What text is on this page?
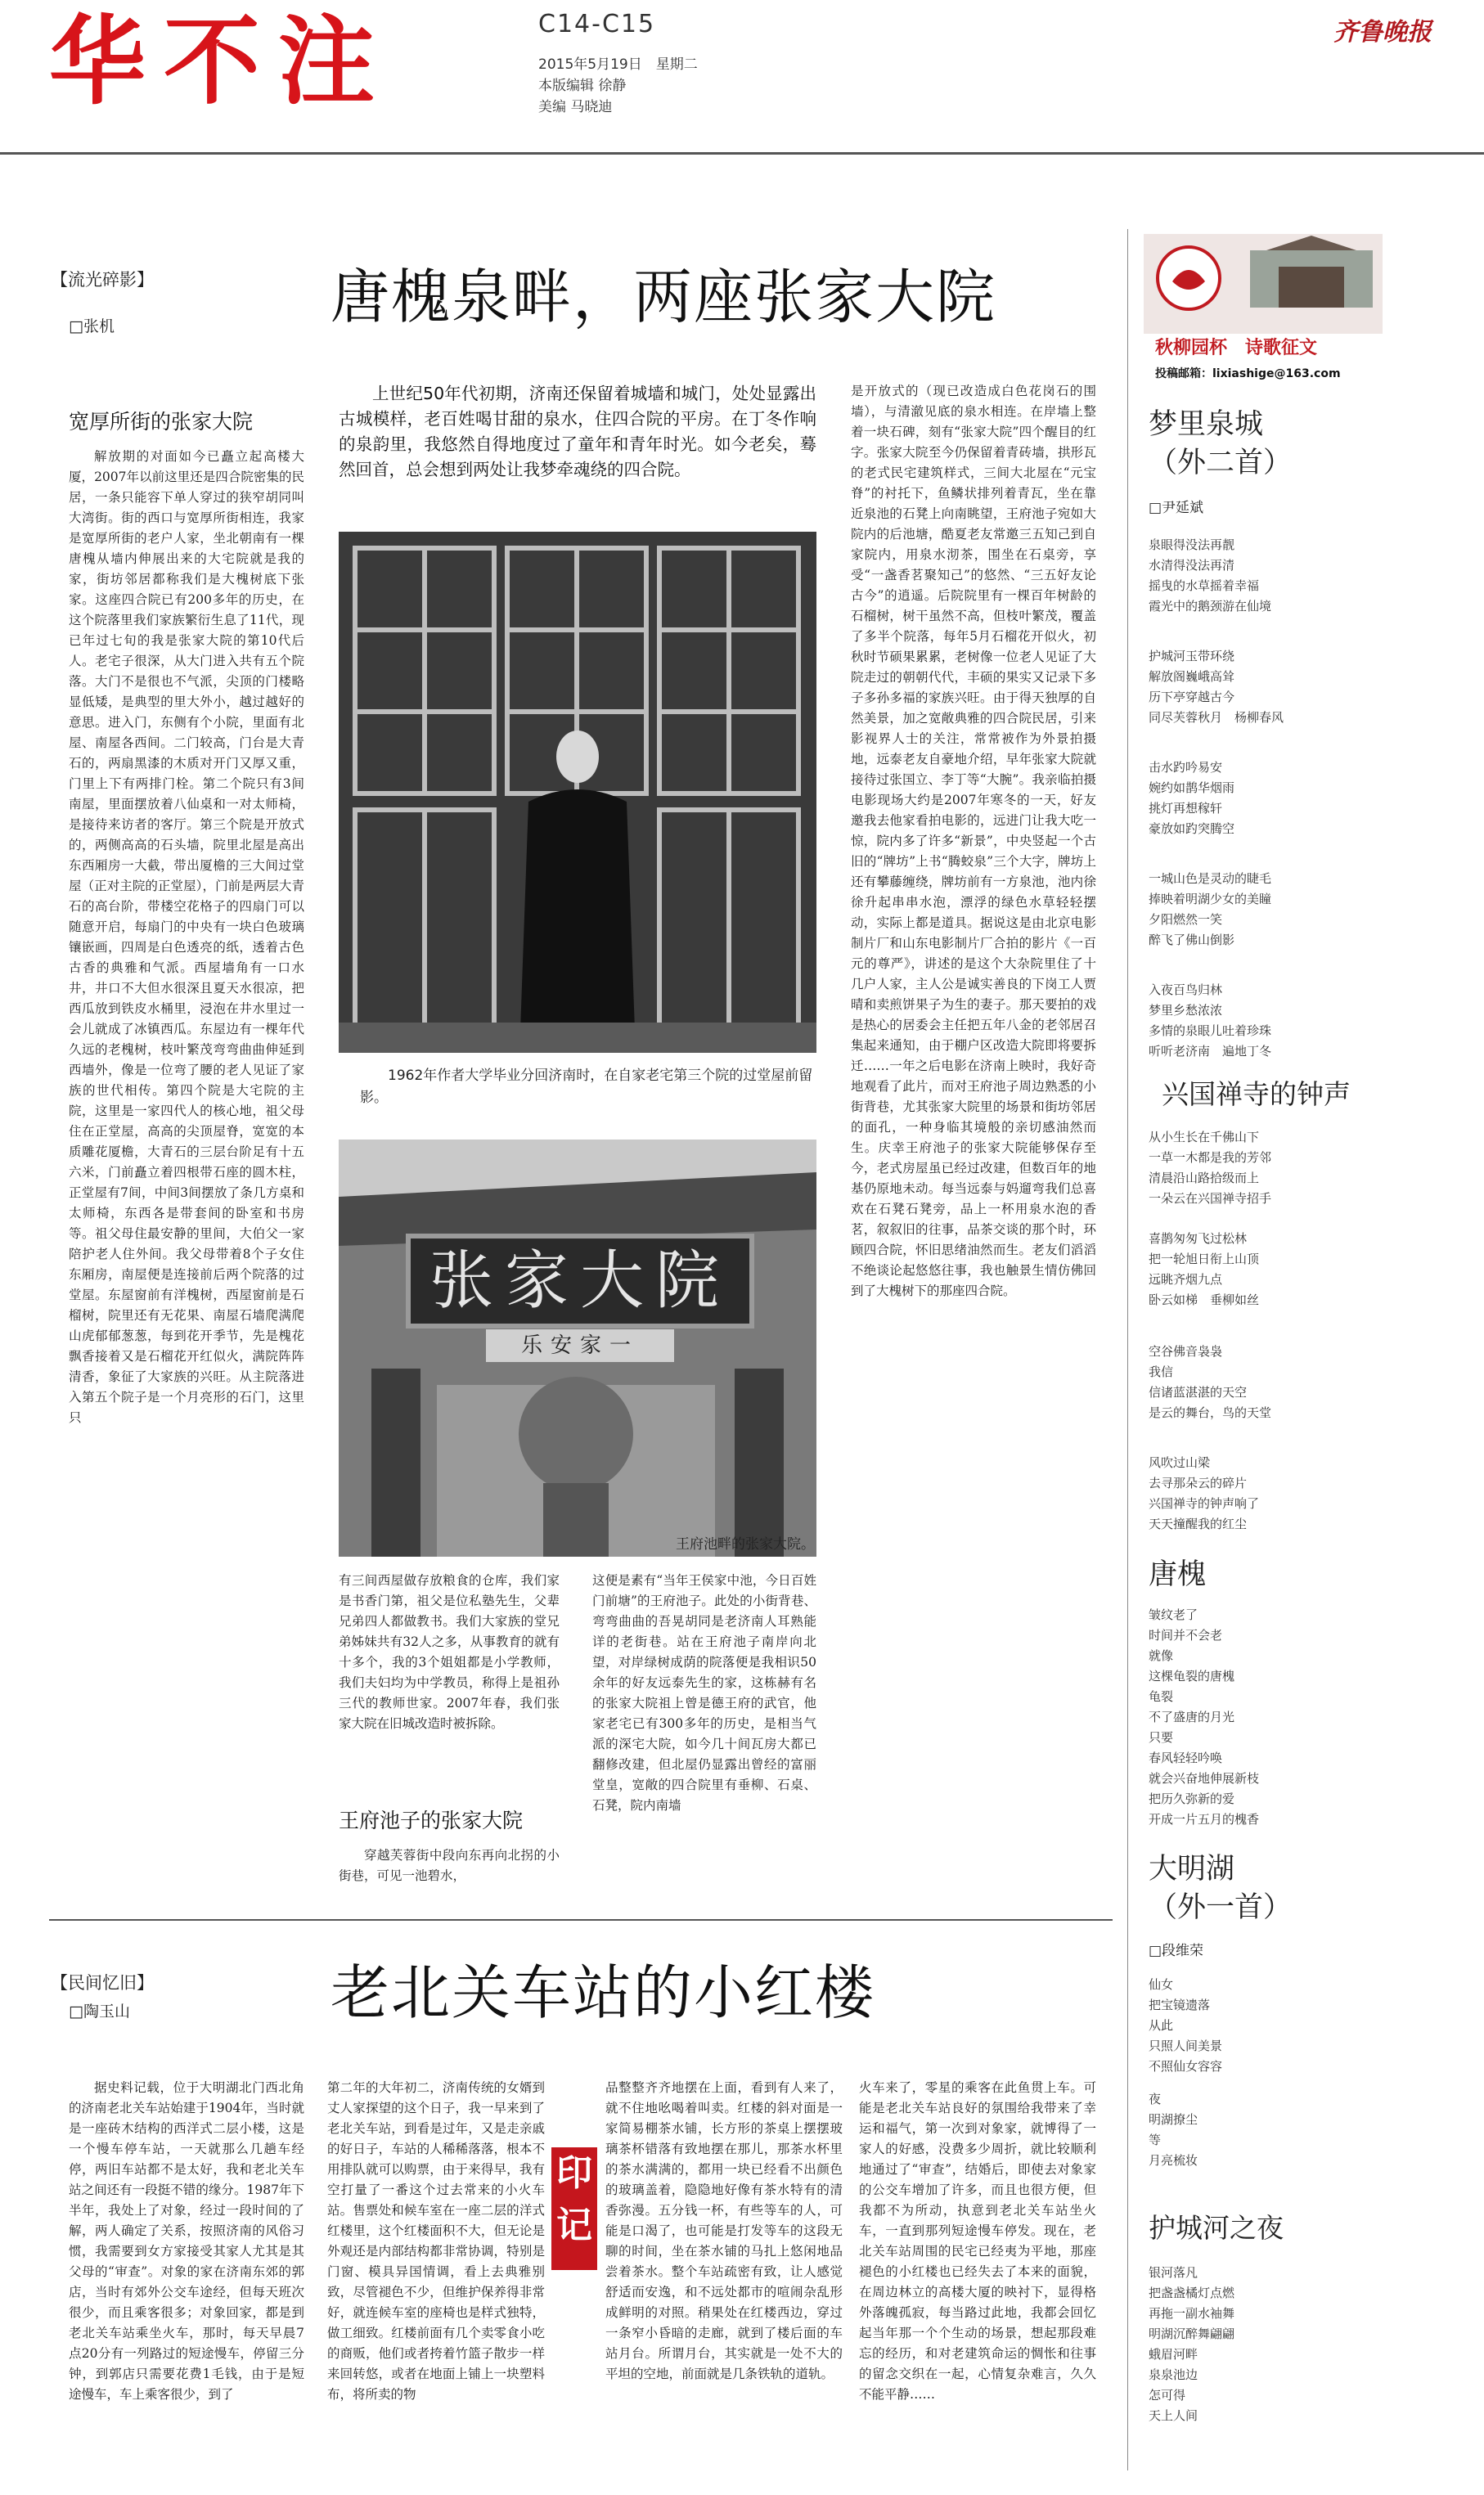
华不注	C14-C15
2015年5月19日　星期二
本版编辑 徐静
美编 马晓迪
齐鲁晚报
【流光碎影】
□张机	唐槐泉畔，两座张家大院
宽厚所街的张家大院

解放期的对面如今已矗立起高楼大厦，2007年以前这里还是四合院密集的民居，一条只能容下单人穿过的狭窄胡同叫大湾街。街的西口与宽厚所街相连，我家是宽厚所街的老户人家，坐北朝南有一棵唐槐从墙内伸展出来的大宅院就是我的家，街坊邻居都称我们是大槐树底下张家。这座四合院已有200多年的历史，在这个院落里我们家族繁衍生息了11代，现已年过七旬的我是张家大院的第10代后人。老宅子很深，从大门进入共有五个院落。大门不是很也不气派，尖顶的门楼略显低矮，是典型的里大外小，越过越好的意思。进入门，东侧有个小院，里面有北屋、南屋各西间。二门较高，门台是大青石的，两扇黑漆的木质对开门又厚又重，门里上下有两排门栓。第二个院只有3间南屋，里面摆放着八仙桌和一对太师椅，是接待来访者的客厅。第三个院是开放式的，两侧高高的石头墙，院里北屋是高出东西厢房一大截，带出厦檐的三大间过堂屋（正对主院的正堂屋），门前是两层大青石的高台阶，带楼空花格子的四扇门可以随意开启，每扇门的中央有一块白色玻璃镶嵌画，四周是白色透亮的纸，透着古色古香的典雅和气派。西屋墙角有一口水井，井口不大但水很深且夏天水很凉，把西瓜放到铁皮水桶里，浸泡在井水里过一会儿就成了冰镇西瓜。东屋边有一棵年代久远的老槐树，枝叶繁茂弯弯曲曲伸延到西墙外，像是一位弯了腰的老人见证了家族的世代相传。第四个院是大宅院的主院，这里是一家四代人的核心地，祖父母住在正堂屋，高高的尖顶屋脊，宽宽的本质雕花厦檐，大青石的三层台阶足有十五六米，门前矗立着四根带石座的圆木柱，正堂屋有7间，中间3间摆放了条几方桌和太师椅，东西各是带套间的卧室和书房等。祖父母住最安静的里间，大伯父一家陪护老人住外间。我父母带着8个子女住东厢房，南屋便是连接前后两个院落的过堂屋。东屋窗前有洋槐树，西屋窗前是石榴树，院里还有无花果、南屋石墙爬满爬山虎郁郁葱葱，每到花开季节，先是槐花飘香接着又是石榴花开红似火，满院阵阵清香，象征了大家族的兴旺。从主院落进入第五个院子是一个月亮形的石门，这里只

上世纪50年代初期，济南还保留着城墙和城门，处处显露出古城模样，老百姓喝甘甜的泉水，住四合院的平房。在丁冬作响的泉韵里，我悠然自得地度过了童年和青年时光。如今老矣，蓦然回首，总会想到两处让我梦牵魂绕的四合院。

1962年作者大学毕业分回济南时，在自家老宅第三个院的过堂屋前留影。

张家大院
乐安家一
王府池畔的张家大院。

有三间西屋做存放粮食的仓库，我们家是书香门第，祖父是位私塾先生，父辈兄弟四人都做教书。我们大家族的堂兄弟姊妹共有32人之多，从事教育的就有十多个，我的3个姐姐都是小学教师，我们夫妇均为中学教员，称得上是祖孙三代的教师世家。2007年春，我们张家大院在旧城改造时被拆除。

王府池子的张家大院

穿越芙蓉街中段向东再向北拐的小街巷，可见一池碧水，

这便是素有“当年王侯家中池，今日百姓门前塘”的王府池子。此处的小街背巷、弯弯曲曲的吾晃胡同是老济南人耳熟能详的老街巷。站在王府池子南岸向北望，对岸绿树成荫的院落便是我相识50余年的好友远泰先生的家，这栋赫有名的张家大院祖上曾是德王府的武官，他家老宅已有300多年的历史，是相当气派的深宅大院，如今几十间瓦房大都已翻修改建，但北屋仍显露出曾经的富丽堂皇，宽敞的四合院里有垂柳、石桌、石凳，院内南墙

是开放式的（现已改造成白色花岗石的围墙），与清澈见底的泉水相连。在岸墙上整着一块石碑，刻有“张家大院”四个醒目的红字。张家大院至今仍保留着青砖墙，拱形瓦的老式民宅建筑样式，三间大北屋在“元宝脊”的衬托下，鱼鳞状排列着青瓦，坐在靠近泉池的石凳上向南眺望，王府池子宛如大院内的后池塘，酷夏老友常邀三五知己到自家院内，用泉水沏茶，围坐在石桌旁，享受“一盏香茗聚知己”的悠然、“三五好友论古今”的逍遥。后院院里有一棵百年树龄的石榴树，树干虽然不高，但枝叶繁茂，覆盖了多半个院落，每年5月石榴花开似火，初秋时节硕果累累，老树像一位老人见证了大院走过的朝朝代代，丰硕的果实又记录下多子多孙多福的家族兴旺。由于得天独厚的自然美景，加之宽敞典雅的四合院民居，引来影视界人士的关注，常常被作为外景拍摄地，远泰老友自豪地介绍，早年张家大院就接待过张国立、李丁等“大腕”。我亲临拍摄电影现场大约是2007年寒冬的一天，好友邀我去他家看拍电影的，远进门让我大吃一惊，院内多了许多“新景”，中央竖起一个古旧的“牌坊”上书“腾蛟泉”三个大字，牌坊上还有攀藤缠绕，牌坊前有一方泉池，池内徐徐升起串串水泡，漂浮的绿色水草轻轻摆动，实际上都是道具。据说这是由北京电影制片厂和山东电影制片厂合拍的影片《一百元的尊严》，讲述的是这个大杂院里住了十几户人家，主人公是诚实善良的下岗工人贾晴和卖煎饼果子为生的妻子。那天要拍的戏是热心的居委会主任把五年八金的老邻居召集起来通知，由于棚户区改造大院即将要拆迁……一年之后电影在济南上映时，我好奇地观看了此片，而对王府池子周边熟悉的小街背巷，尤其张家大院里的场景和街坊邻居的面孔，一种身临其境般的亲切感油然而生。庆幸王府池子的张家大院能够保存至今，老式房屋虽已经过改建，但数百年的地基仍原地未动。每当远泰与妈遛弯我们总喜欢在石凳石凳旁，品上一杯用泉水泡的香茗，叙叙旧的往事，品茶交谈的那个时，环顾四合院，怀旧思绪油然而生。老友们滔滔不绝谈论起悠悠往事，我也触景生情仿佛回到了大槐树下的那座四合院。

【民间忆旧】
□陶玉山	老北关车站的小红楼

据史料记载，位于大明湖北门西北角的济南老北关车站始建于1904年，当时就是一座砖木结构的西洋式二层小楼，这是一个慢车停车站，一天就那么几趟车经停，两旧车站都不是太好，我和老北关车站之间还有一段挺不错的缘分。1987年下半年，我处上了对象，经过一段时间的了解，两人确定了关系，按照济南的风俗习惯，我需要到女方家接受其家人尤其是其父母的“审查”。对象的家在济南东郊的郭店，当时有郊外公交车途经，但每天班次很少，而且乘客很多；对象回家，都是到老北关车站乘坐火车，那时，每天早晨7点20分有一列路过的短途慢车，停留三分钟，到郭店只需要花费1毛钱，由于是短途慢车，车上乘客很少，到了

第二年的大年初二，济南传统的女婿到丈人家探望的这个日子，我一早来到了老北关车站，到看是过年，又是走亲戚的好日子，车站的人稀稀落落，根本不用排队就可以购票，由于来得早，我有空打量了一番这个过去常来的小火车站。售票处和候车室在一座二层的洋式红楼里，这个红楼面积不大，但无论是外观还是内部结构都非常协调，特别是门窗、模具异国情调，看上去典雅别致，尽管褪色不少，但维护保养得非常好，就连候车室的座椅也是样式独特，做工细致。红楼前面有几个卖零食小吃的商贩，他们或者挎着竹篮子散步一样来回转悠，或者在地面上铺上一块塑料布，将所卖的物

印记

品整整齐齐地摆在上面，看到有人来了，就不住地吆喝着叫卖。红楼的斜对面是一家简易棚茶水铺，长方形的茶桌上摆摆玻璃茶杯错落有致地摆在那儿，那茶水杯里的茶水满满的，都用一块已经看不出颜色的玻璃盖着，隐隐地好像有茶水特有的清香弥漫。五分钱一杯，有些等车的人，可能是口渴了，也可能是打发等车的这段无聊的时间，坐在茶水铺的马扎上悠闲地品尝着茶水。整个车站疏密有致，让人感觉舒适而安逸，和不远处都市的喧闹杂乱形成鲜明的对照。稍果处在红楼西边，穿过一条窄小昏暗的走廊，就到了楼后面的车站月台。所谓月台，其实就是一处不大的平坦的空地，前面就是几条铁轨的道轨。

火车来了，零星的乘客在此鱼贯上车。可能是老北关车站良好的氛围给我带来了幸运和福气，第一次到对象家，就博得了一家人的好感，没费多少周折，就比较顺利地通过了“审查”，结婚后，即使去对象家的公交车增加了许多，而且也很方便，但我都不为所动，执意到老北关车站坐火车，一直到那列短途慢车停发。现在，老北关车站周围的民宅已经夷为平地，那座褪色的小红楼也已经失去了本来的面貌，在周边林立的高楼大厦的映衬下，显得格外落魄孤寂，每当路过此地，我都会回忆起当年那一个个生动的场景，想起那段难忘的经历，和对老建筑命运的惆怅和往事的留念交织在一起，心情复杂难言，久久不能平静……

秋柳园杯　诗歌征文
投稿邮箱：lixiashige@163.com
梦里泉城
（外二首）
□尹延斌

泉眼得没法再靓
水清得没法再清
摇曳的水草摇着幸福
霞光中的鹅颈游在仙境

护城河玉带环绕
解放阁巍峨高耸
历下亭穿越古今
同尽芙蓉秋月　杨柳春风

击水趵吟易安
婉约如鹊华烟雨
挑灯再想稼轩
豪放如趵突腾空

一城山色是灵动的睫毛
捧映着明湖少女的美瞳
夕阳燃然一笑
醉飞了佛山倒影

入夜百鸟归林
梦里乡愁浓浓
多情的泉眼儿吐着珍珠
听听老济南　遍地丁冬

兴国禅寺的钟声

从小生长在千佛山下
一草一木都是我的芳邻
清晨沿山路拾级而上
一朵云在兴国禅寺招手

喜鹊匆匆飞过松林
把一轮旭日衔上山顶
远眺齐烟九点
卧云如梯　垂柳如丝

空谷佛音袅袅
我信
信诸蓝湛湛的天空
是云的舞台，鸟的天堂

风吹过山梁
去寻那朵云的碎片
兴国禅寺的钟声响了
天天撞醒我的红尘

唐槐

皱纹老了
时间并不会老
就像
这棵龟裂的唐槐
龟裂
不了盛唐的月光
只要
春风轻轻吟唤
就会兴奋地伸展新枝
把历久弥新的爱
开成一片五月的槐香

大明湖
（外一首）
□段维荣

仙女
把宝镜遗落
从此
只照人间美景
不照仙女容容

夜
明湖撩尘
等
月亮梳妆

护城河之夜

银河落凡
把盏盏橘灯点燃
再拖一副水袖舞
明湖沉醉舞翩翩
蛾眉河畔
泉泉池边
怎可得
天上人间
